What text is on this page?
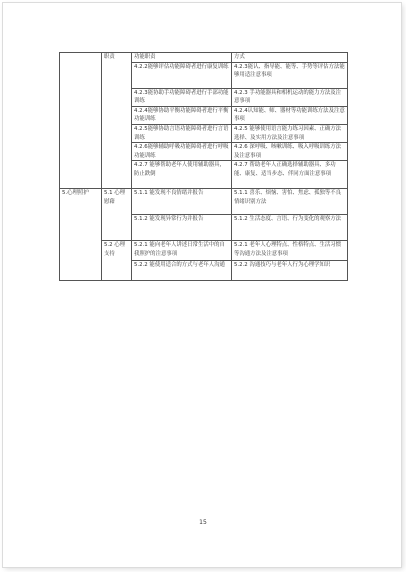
	职责	功能职责	方式
		4.2.2能够评估功能障碍者进行康复训练	4.2.3能认、指导能、能等、手势等评估方法能够用适注意事项
		4.2.3能协助手功能障碍者进行手部功能训练	4.2.3 手功能器具和相机运动的能力方法及注意事项
		4.2.4能够协助平衡功能障碍者进行平衡功能训练	4.2.4认知能、师、器材等功能训练方法及注意事项
		4.2.5能够协助言语功能障碍者进行言语训练	4.2.5 能够使用语言能力练习因素、正确方法选择、及实用方法及注意事项
		4.2.6能够辅助呼吸功能障碍者进行呼吸功能训练	4.2.6 深呼吸、咳嗽训练、吸入呼吸训练方法及注意事项
		4.2.7 能够帮助老年人使用辅助器具，防止跌倒	4.2.7 帮助老年人正确选择辅助器具、多功能、康复、适当步态、伴同方面注意事项
5.心理照护	5.1 心理慰藉	5.1.1 能发现不良情绪并报告	5.1.1 喜乐、烦恼、害怕、焦虑、孤独等不良情绪识别方法
		5.1.2 能发现异常行为并报告	5.1.2 生活态度、言语、行为变化的观察方法
	5.2 心理支持	5.2.1 能向老年人讲述日常生活中的自我照护的注意事项	5.2.1 老年人心理特点、性格特点、生活习惯等沟通方法及注意事项
		5.2.2 能使用适合的方式与老年人沟通	5.2.2 沟通技巧与老年人行为心理学知识
15
